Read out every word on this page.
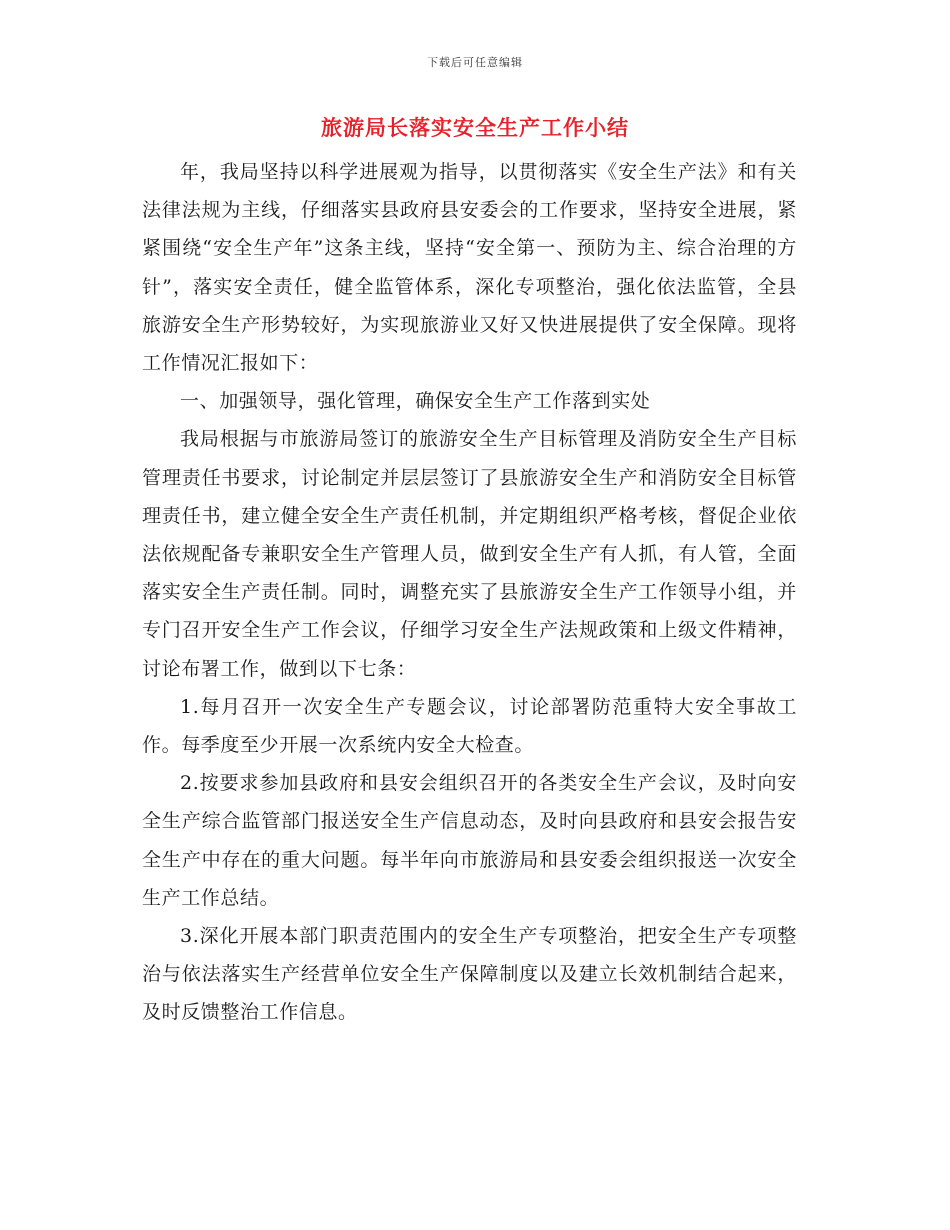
下载后可任意编辑
旅游局长落实安全生产工作小结

年，我局坚持以科学进展观为指导，以贯彻落实《安全生产法》和有关法律法规为主线，仔细落实县政府县安委会的工作要求，坚持安全进展，紧紧围绕“安全生产年”这条主线，坚持“安全第一、预防为主、综合治理的方针”，落实安全责任，健全监管体系，深化专项整治，强化依法监管，全县旅游安全生产形势较好，为实现旅游业又好又快进展提供了安全保障。现将工作情况汇报如下：

一、加强领导，强化管理，确保安全生产工作落到实处

我局根据与市旅游局签订的旅游安全生产目标管理及消防安全生产目标管理责任书要求，讨论制定并层层签订了县旅游安全生产和消防安全目标管理责任书，建立健全安全生产责任机制，并定期组织严格考核，督促企业依法依规配备专兼职安全生产管理人员，做到安全生产有人抓，有人管，全面落实安全生产责任制。同时，调整充实了县旅游安全生产工作领导小组，并专门召开安全生产工作会议，仔细学习安全生产法规政策和上级文件精神，讨论布署工作，做到以下七条：

1.每月召开一次安全生产专题会议，讨论部署防范重特大安全事故工作。每季度至少开展一次系统内安全大检查。

2.按要求参加县政府和县安会组织召开的各类安全生产会议，及时向安全生产综合监管部门报送安全生产信息动态，及时向县政府和县安会报告安全生产中存在的重大问题。每半年向市旅游局和县安委会组织报送一次安全生产工作总结。

3.深化开展本部门职责范围内的安全生产专项整治，把安全生产专项整治与依法落实生产经营单位安全生产保障制度以及建立长效机制结合起来，及时反馈整治工作信息。
